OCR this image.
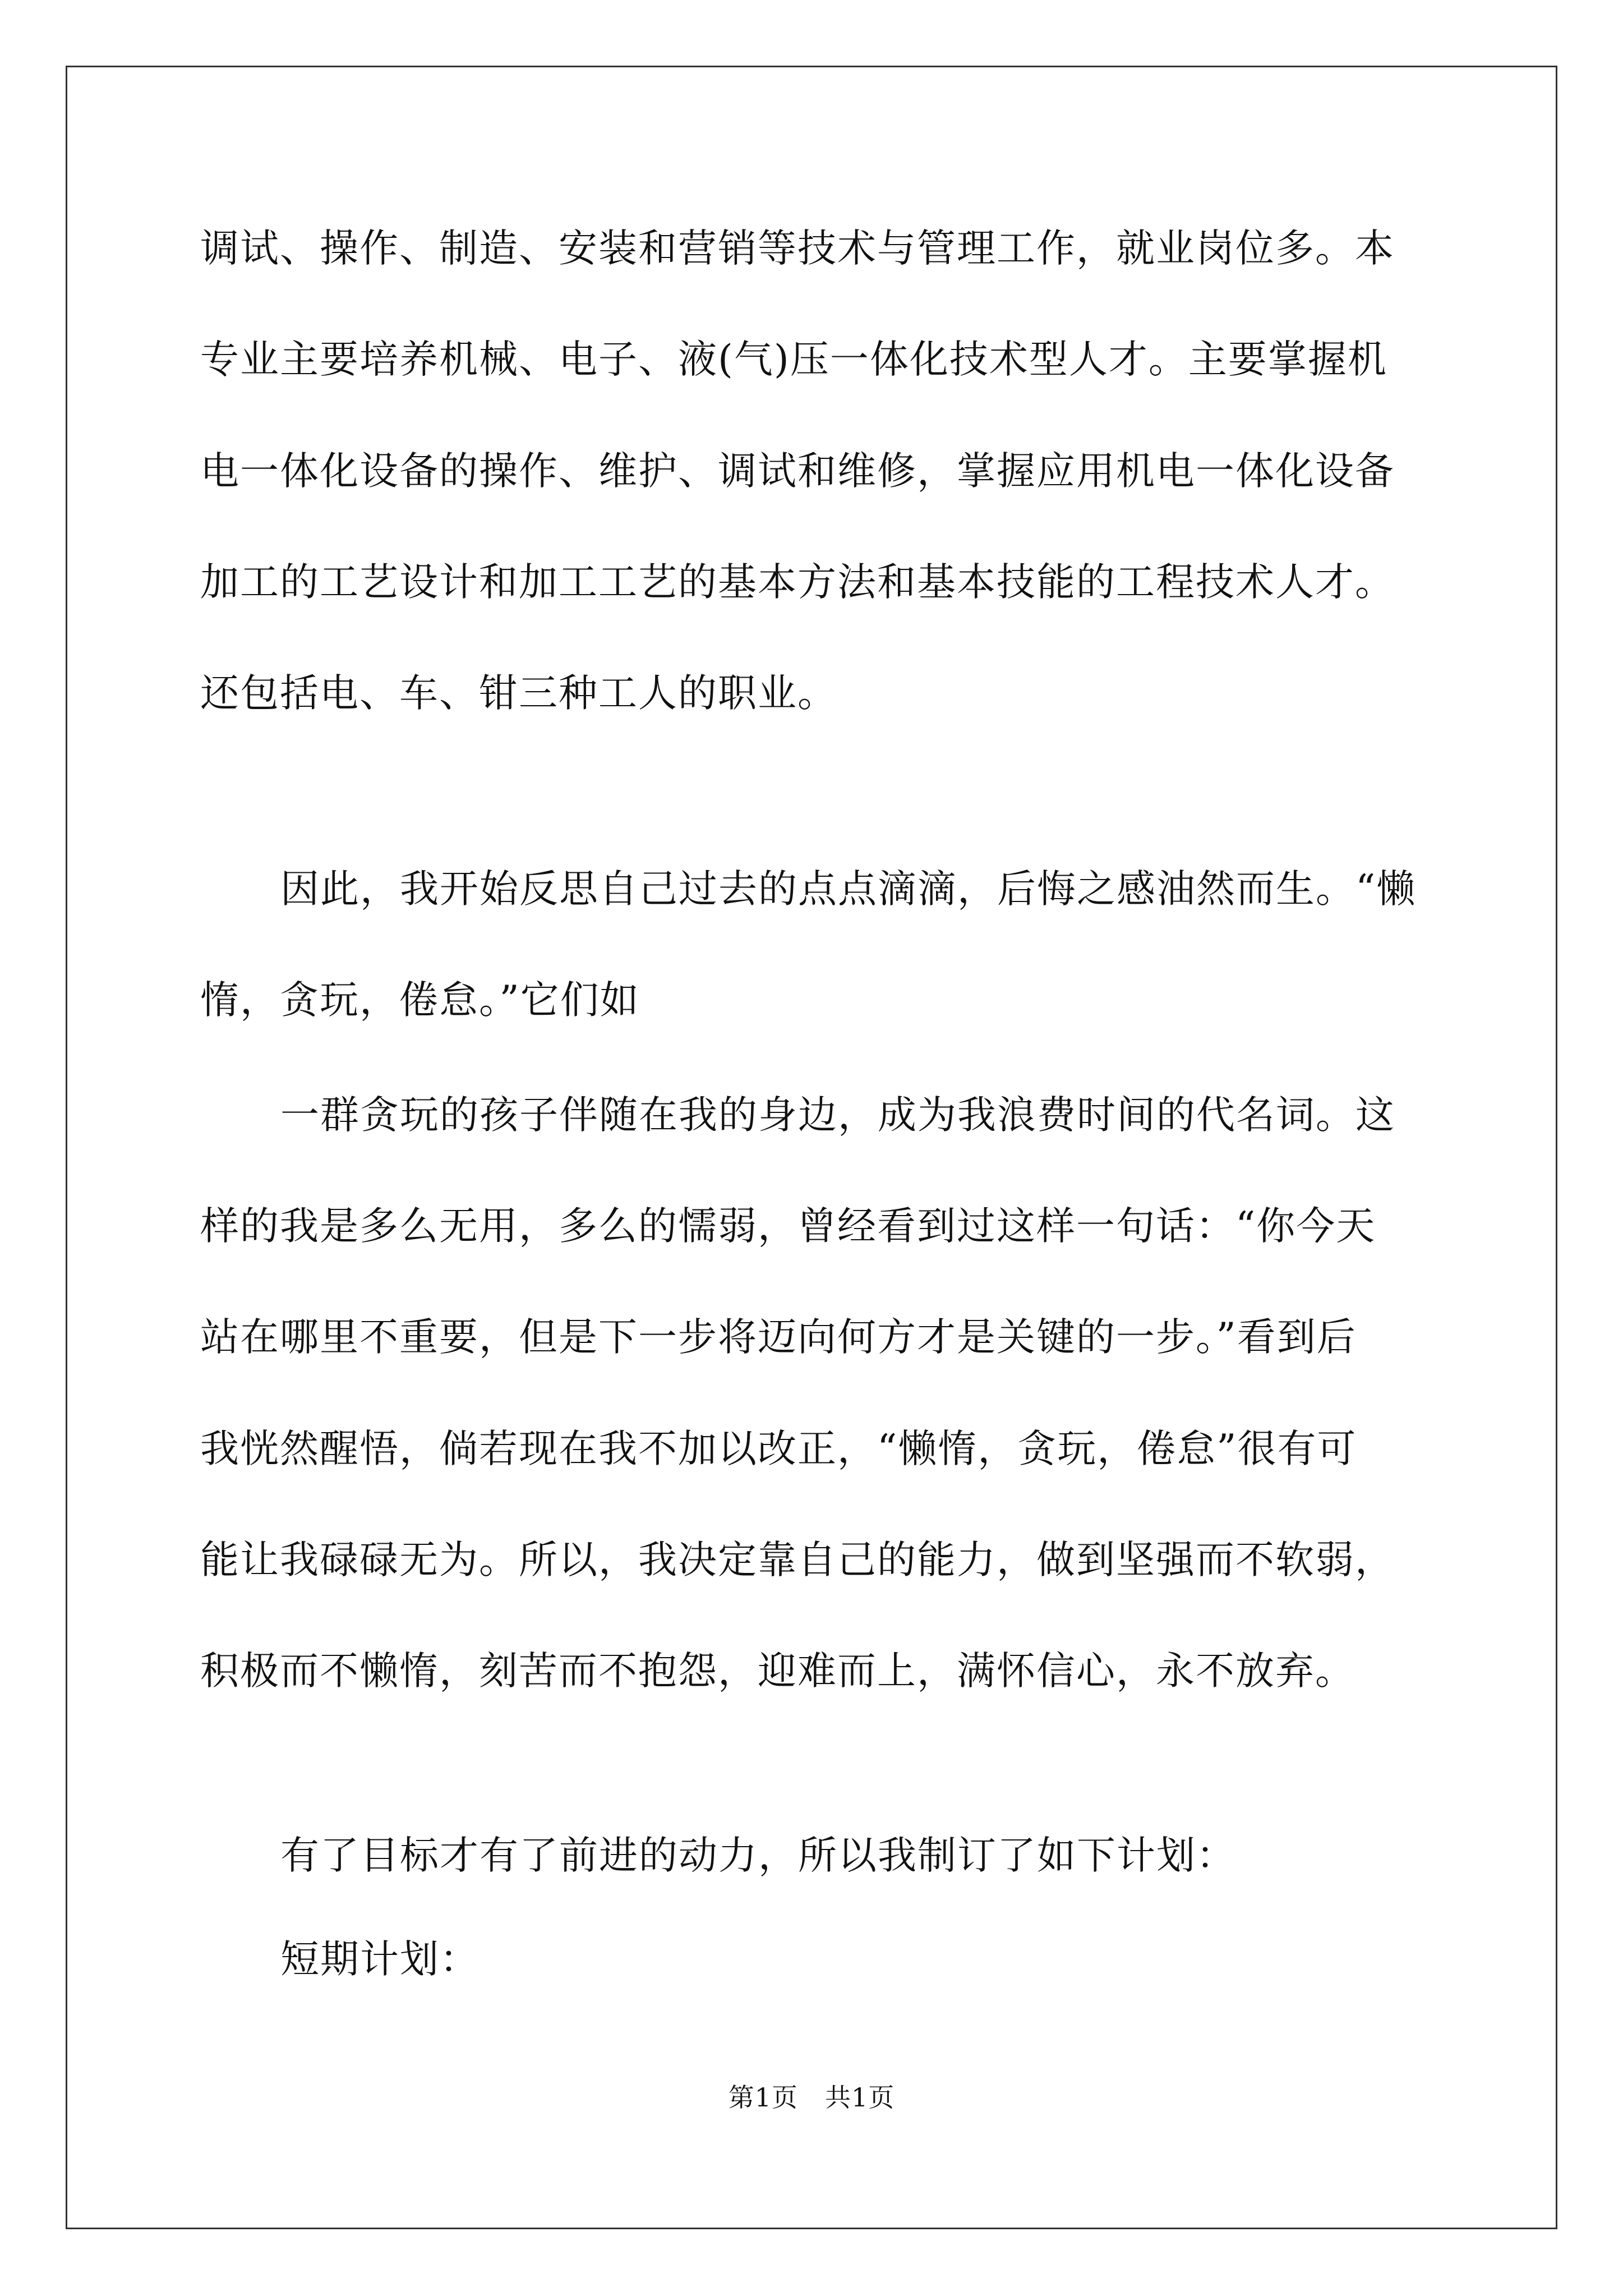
调试、操作、制造、安装和营销等技术与管理工作，就业岗位多。本
专业主要培养机械、电子、液(气)压一体化技术型人才。主要掌握机
电一体化设备的操作、维护、调试和维修，掌握应用机电一体化设备
加工的工艺设计和加工工艺的基本方法和基本技能的工程技术人才。
还包括电、车、钳三种工人的职业。
因此，我开始反思自己过去的点点滴滴，后悔之感油然而生。“懒
惰，贪玩，倦怠。”它们如
一群贪玩的孩子伴随在我的身边，成为我浪费时间的代名词。这
样的我是多么无用，多么的懦弱，曾经看到过这样一句话：“你今天
站在哪里不重要，但是下一步将迈向何方才是关键的一步。”看到后
我恍然醒悟，倘若现在我不加以改正，“懒惰，贪玩，倦怠”很有可
能让我碌碌无为。所以，我决定靠自己的能力，做到坚强而不软弱，
积极而不懒惰，刻苦而不抱怨，迎难而上，满怀信心，永不放弃。
有了目标才有了前进的动力，所以我制订了如下计划：
短期计划：
第1页 共1页
